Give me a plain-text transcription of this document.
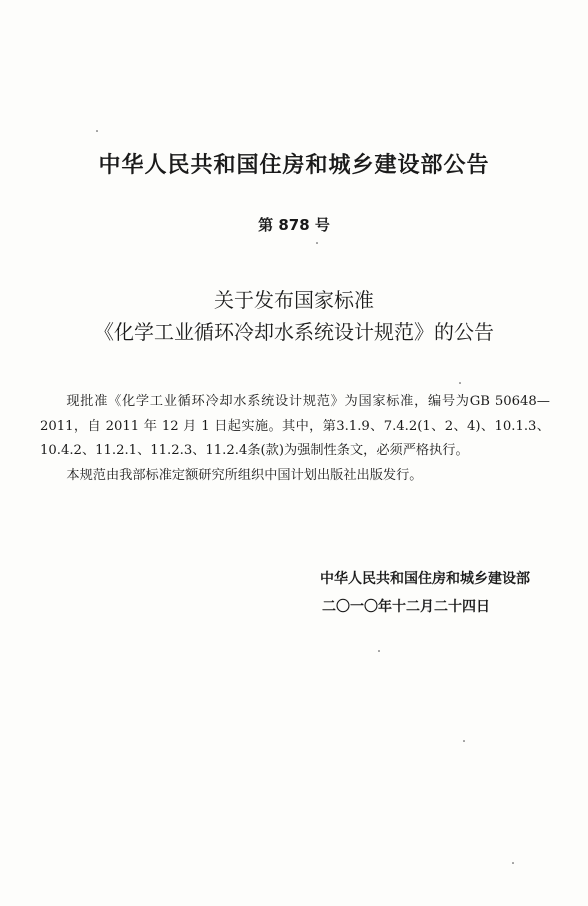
中华人民共和国住房和城乡建设部公告
第 878 号
关于发布国家标准
《化学工业循环冷却水系统设计规范》的公告

现批准《化学工业循环冷却水系统设计规范》为国家标准，编号为GB 50648—2011，自 2011 年 12 月 1 日起实施。其中，第3.1.9、7.4.2(1、2、4)、10.1.3、10.4.2、11.2.1、11.2.3、11.2.4条(款)为强制性条文，必须严格执行。

本规范由我部标准定额研究所组织中国计划出版社出版发行。

中华人民共和国住房和城乡建设部
二〇一〇年十二月二十四日
